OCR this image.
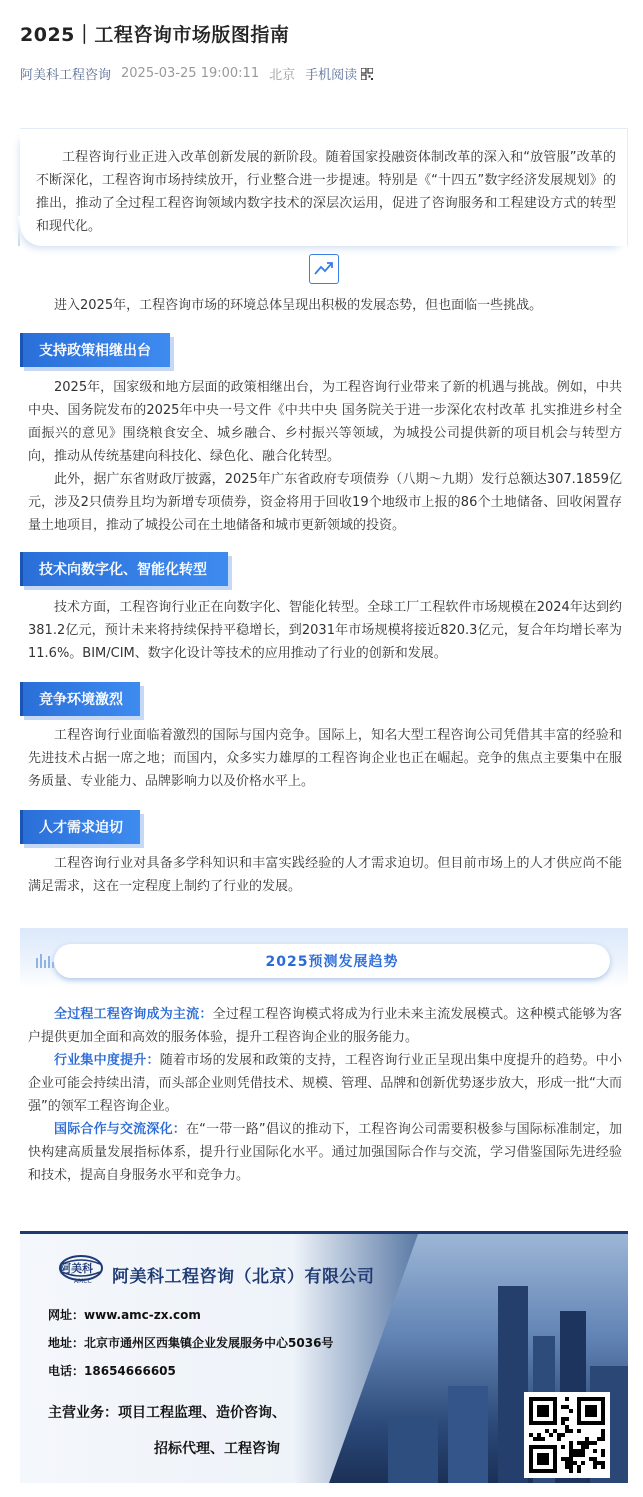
2025｜工程咨询市场版图指南
阿美科工程咨询 2025-03-25 19:00:11 北京 手机阅读

工程咨询行业正进入改革创新发展的新阶段。随着国家投融资体制改革的深入和“放管服”改革的不断深化，工程咨询市场持续放开，行业整合进一步提速。特别是《“十四五”数字经济发展规划》的推出，推动了全过程工程咨询领域内数字技术的深层次运用，促进了咨询服务和工程建设方式的转型和现代化。

进入2025年，工程咨询市场的环境总体呈现出积极的发展态势，但也面临一些挑战。

支持政策相继出台

2025年，国家级和地方层面的政策相继出台，为工程咨询行业带来了新的机遇与挑战。例如，中共中央、国务院发布的2025年中央一号文件《中共中央 国务院关于进一步深化农村改革 扎实推进乡村全面振兴的意见》围绕粮食安全、城乡融合、乡村振兴等领域，为城投公司提供新的项目机会与转型方向，推动从传统基建向科技化、绿色化、融合化转型。

此外，据广东省财政厅披露，2025年广东省政府专项债券（八期～九期）发行总额达307.1859亿元，涉及2只债券且均为新增专项债券，资金将用于回收19个地级市上报的86个土地储备、回收闲置存量土地项目，推动了城投公司在土地储备和城市更新领域的投资。

技术向数字化、智能化转型

技术方面，工程咨询行业正在向数字化、智能化转型。全球工厂工程软件市场规模在2024年达到约381.2亿元，预计未来将持续保持平稳增长，到2031年市场规模将接近820.3亿元，复合年均增长率为11.6%。BIM/CIM、数字化设计等技术的应用推动了行业的创新和发展。

竞争环境激烈

工程咨询行业面临着激烈的国际与国内竞争。国际上，知名大型工程咨询公司凭借其丰富的经验和先进技术占据一席之地；而国内，众多实力雄厚的工程咨询企业也正在崛起。竞争的焦点主要集中在服务质量、专业能力、品牌影响力以及价格水平上。

人才需求迫切

工程咨询行业对具备多学科知识和丰富实践经验的人才需求迫切。但目前市场上的人才供应尚不能满足需求，这在一定程度上制约了行业的发展。

2025预测发展趋势

全过程工程咨询成为主流：全过程工程咨询模式将成为行业未来主流发展模式。这种模式能够为客户提供更加全面和高效的服务体验，提升工程咨询企业的服务能力。

行业集中度提升：随着市场的发展和政策的支持，工程咨询行业正呈现出集中度提升的趋势。中小企业可能会持续出清，而头部企业则凭借技术、规模、管理、品牌和创新优势逐步放大，形成一批“大而强”的领军工程咨询企业。

国际合作与交流深化：在“一带一路”倡议的推动下，工程咨询公司需要积极参与国际标准制定，加快构建高质量发展指标体系，提升行业国际化水平。通过加强国际合作与交流，学习借鉴国际先进经验和技术，提高自身服务水平和竞争力。

阿美科
AMCC 阿美科工程咨询（北京）有限公司
网址：www.amc-zx.com
地址：北京市通州区西集镇企业发展服务中心5036号
电话：18654666605
主营业务：项目工程监理、造价咨询、
招标代理、工程咨询
